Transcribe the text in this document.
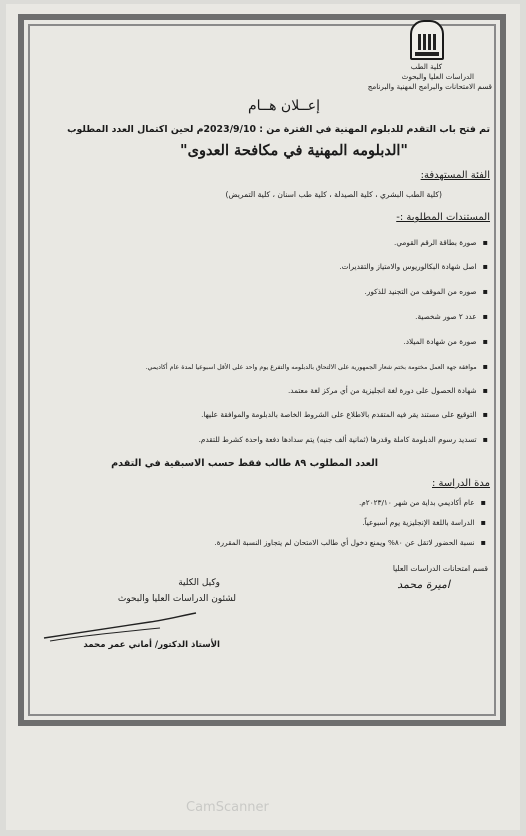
كلية الطب
الدراسات العليا والبحوث
قسم الامتحانات والبرامج المهنية والبرنامج
إعــلان هــام
تم فتح باب التقدم للدبلوم المهنية في الفترة من : 2023/9/10م لحين اكتمال العدد المطلوب
"الدبلومه المهنية في مكافحة العدوى"
الفئة المستهدفة:
(كلية الطب البشري ، كلية الصيدلة ، كلية طب اسنان ، كلية التمريض)
المستندات المطلوبة :-
▪ صورة بطاقة الرقم القومي.
▪ اصل شهادة البكالوريوس والامتياز والتقديرات.
▪ صوره من الموقف من التجنيد للذكور.
▪ عدد ٢ صور شخصية.
▪ صورة من شهادة الميلاد.
▪ موافقة جهة العمل مختومة بختم شعار الجمهورية على الالتحاق بالدبلومه والتفرغ يوم واحد على الأقل اسبوعيا لمدة عام أكاديمي.
▪ شهادة الحصول على دورة لغة انجليزية من أي مركز لغة معتمد.
▪ التوقيع على مستند يقر فيه المتقدم بالاطلاع على الشروط الخاصة بالدبلومة والموافقة عليها.
▪ تسديد رسوم الدبلومة كاملة وقدرها (ثمانية ألف جنيه) يتم سدادها دفعة واحدة كشرط للتقدم.
العدد المطلوب ٨٩ طالب فقط حسب الاسبقية في التقدم
مدة الدراسة :
▪ عام أكاديمي بداية من شهر ٢٠٢٣/١٠م.
▪ الدراسة باللغة الإنجليزية يوم أسبوعياً.
▪ نسبة الحضور لاتقل عن ٨٠% ويمنع دخول أي طالب الامتحان لم يتجاوز النسبة المقررة.
قسم امتحانات الدراسات العليا
امیرة محمد
وكيل الكلية
لشئون الدراسات العليا والبحوث
الأستاذ الدكتور/ أماني عمر محمد
CamScanner
